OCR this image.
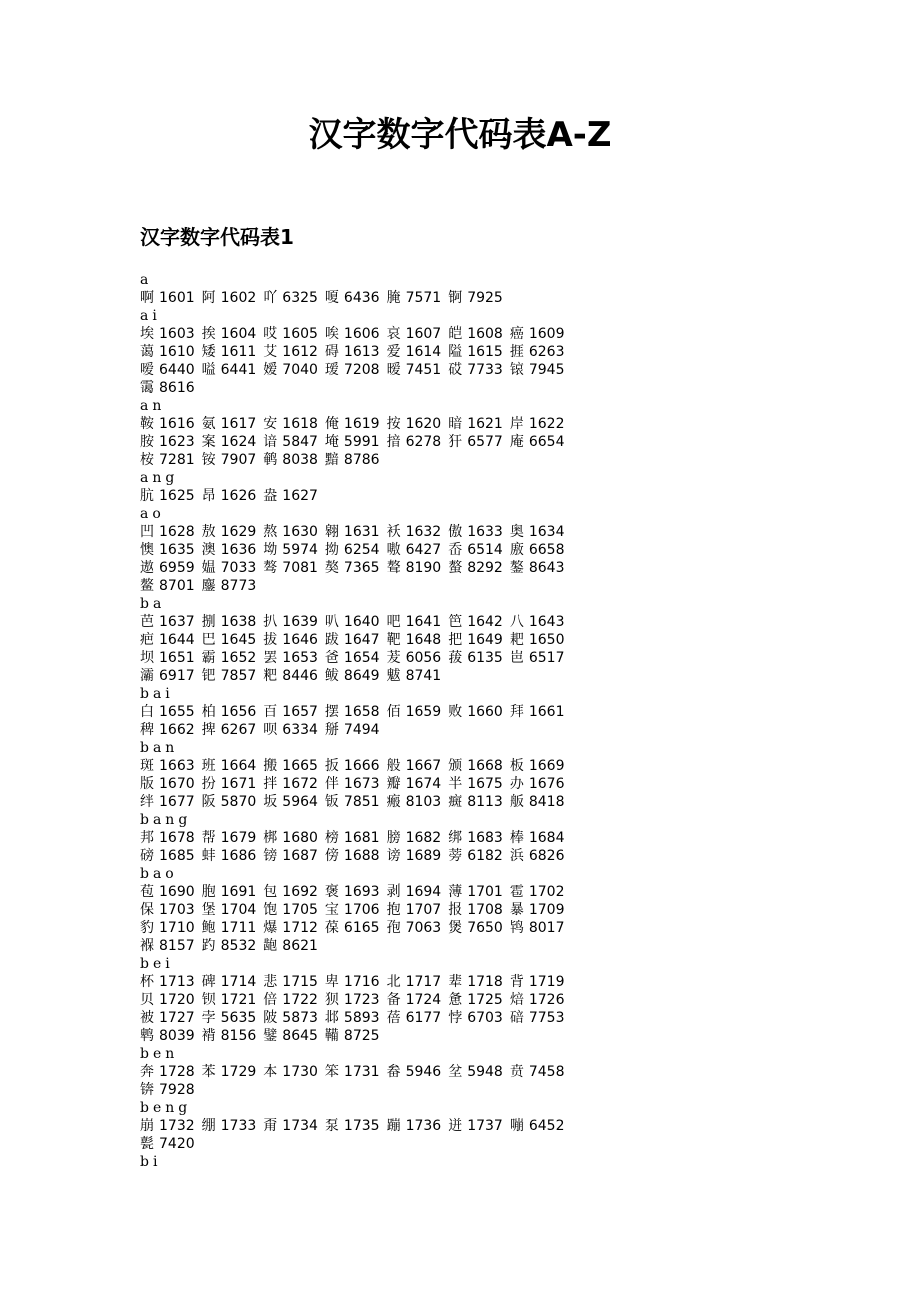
汉字数字代码表A-Z
汉字数字代码表1
a
啊 1601 阿 1602 吖 6325 嗄 6436 腌 7571 锕 7925
ai
埃 1603 挨 1604 哎 1605 唉 1606 哀 1607 皑 1608 癌 1609
蔼 1610 矮 1611 艾 1612 碍 1613 爱 1614 隘 1615 捱 6263
嗳 6440 嗌 6441 嫒 7040 瑷 7208 暧 7451 砹 7733 锿 7945
霭 8616
an
鞍 1616 氨 1617 安 1618 俺 1619 按 1620 暗 1621 岸 1622
胺 1623 案 1624 谙 5847 埯 5991 揞 6278 犴 6577 庵 6654
桉 7281 铵 7907 鹌 8038 黯 8786
ang
肮 1625 昂 1626 盎 1627
ao
凹 1628 敖 1629 熬 1630 翱 1631 袄 1632 傲 1633 奥 1634
懊 1635 澳 1636 坳 5974 拗 6254 嗷 6427 岙 6514 廒 6658
遨 6959 媪 7033 骜 7081 獒 7365 聱 8190 螯 8292 鏊 8643
鳌 8701 鏖 8773
ba
芭 1637 捌 1638 扒 1639 叭 1640 吧 1641 笆 1642 八 1643
疤 1644 巴 1645 拔 1646 跋 1647 靶 1648 把 1649 耙 1650
坝 1651 霸 1652 罢 1653 爸 1654 茇 6056 菝 6135 岜 6517
灞 6917 钯 7857 粑 8446 鲅 8649 魃 8741
bai
白 1655 柏 1656 百 1657 摆 1658 佰 1659 败 1660 拜 1661
稗 1662 捭 6267 呗 6334 掰 7494
ban
斑 1663 班 1664 搬 1665 扳 1666 般 1667 颁 1668 板 1669
版 1670 扮 1671 拌 1672 伴 1673 瓣 1674 半 1675 办 1676
绊 1677 阪 5870 坂 5964 钣 7851 瘢 8103 癍 8113 舨 8418
bang
邦 1678 帮 1679 梆 1680 榜 1681 膀 1682 绑 1683 棒 1684
磅 1685 蚌 1686 镑 1687 傍 1688 谤 1689 蒡 6182 浜 6826
bao
苞 1690 胞 1691 包 1692 褒 1693 剥 1694 薄 1701 雹 1702
保 1703 堡 1704 饱 1705 宝 1706 抱 1707 报 1708 暴 1709
豹 1710 鲍 1711 爆 1712 葆 6165 孢 7063 煲 7650 鸨 8017
褓 8157 趵 8532 龅 8621
bei
杯 1713 碑 1714 悲 1715 卑 1716 北 1717 辈 1718 背 1719
贝 1720 钡 1721 倍 1722 狈 1723 备 1724 惫 1725 焙 1726
被 1727 孛 5635 陂 5873 邶 5893 蓓 6177 悖 6703 碚 7753
鹎 8039 褙 8156 鐾 8645 鞴 8725
ben
奔 1728 苯 1729 本 1730 笨 1731 畚 5946 坌 5948 贲 7458
锛 7928
beng
崩 1732 绷 1733 甭 1734 泵 1735 蹦 1736 迸 1737 嘣 6452
甏 7420
bi
